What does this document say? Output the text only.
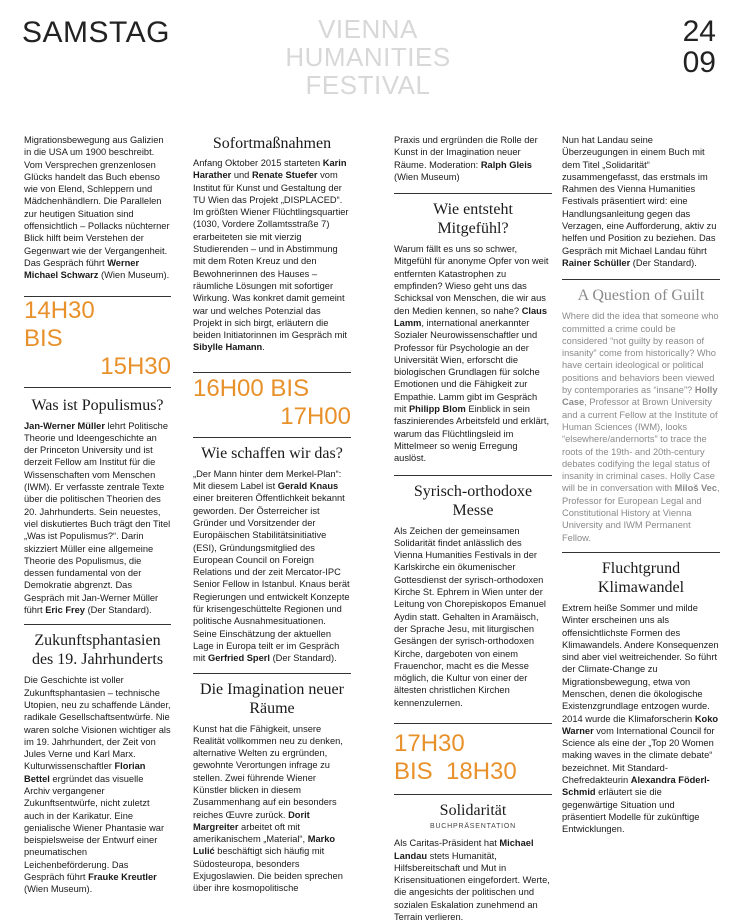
SAMSTAG	VIENNA
HUMANITIES
FESTIVAL
24
09

Migrationsbewegung aus Galizien in die USA um 1900 beschreibt. Vom Versprechen grenzenlosen Glücks handelt das Buch ebenso wie von Elend, Schleppern und Mädchenhändlern. Die Parallelen zur heutigen Situation sind offensichtlich – Pollacks nüchterner Blick hilft beim Verstehen der Gegenwart wie der Vergangenheit. Das Gespräch führt Werner Michael Schwarz (Wien Museum).

14H30
BIS
15H30
Was ist Populismus?

Jan-Werner Müller lehrt Politische Theorie und Ideengeschichte an der Princeton University und ist derzeit Fellow am Institut für die Wissenschaften vom Menschen (IWM). Er verfasste zentrale Texte über die politischen Theorien des 20. Jahrhunderts. Sein neuestes, viel diskutiertes Buch trägt den Titel „Was ist Populismus?“. Darin skizziert Müller eine allgemeine Theorie des Populismus, die dessen fundamental von der Demokratie abgrenzt. Das Gespräch mit Jan-Werner Müller führt Eric Frey (Der Standard).

Zukunftsphantasien des 19. Jahrhunderts

Die Geschichte ist voller Zukunftsphantasien – technische Utopien, neu zu schaffende Länder, radikale Gesellschaftsentwürfe. Nie waren solche Visionen wichtiger als im 19. Jahrhundert, der Zeit von Jules Verne und Karl Marx. Kulturwissenschaftler Florian Bettel ergründet das visuelle Archiv vergangener Zukunftsentwürfe, nicht zuletzt auch in der Karikatur. Eine genialische Wiener Phantasie war beispielsweise der Entwurf einer pneumatischen Leichenbeförderung. Das Gespräch führt Frauke Kreutler (Wien Museum).

Sofortmaßnahmen

Anfang Oktober 2015 starteten Karin Harather und Renate Stuefer vom Institut für Kunst und Gestaltung der TU Wien das Projekt „DISPLACED“. Im größten Wiener Flüchtlingsquartier (1030, Vordere Zollamtsstraße 7) erarbeiteten sie mit vierzig Studierenden – und in Abstimmung mit dem Roten Kreuz und den Bewohnerinnen des Hauses – räumliche Lösungen mit sofortiger Wirkung. Was konkret damit gemeint war und welches Potenzial das Projekt in sich birgt, erläutern die beiden Initiatorinnen im Gespräch mit Sibylle Hamann.

16H00 BIS
17H00
Wie schaffen wir das?

„Der Mann hinter dem Merkel-Plan“: Mit diesem Label ist Gerald Knaus einer breiteren Öffentlichkeit bekannt geworden. Der Österreicher ist Gründer und Vorsitzender der Europäischen Stabilitätsinitiative (ESI), Gründungsmitglied des European Council on Foreign Relations und der zeit Mercator-IPC Senior Fellow in Istanbul. Knaus berät Regierungen und entwickelt Konzepte für krisengeschüttelte Regionen und politische Ausnahmesituationen. Seine Einschätzung der aktuellen Lage in Europa teilt er im Gespräch mit Gerfried Sperl (Der Standard).

Die Imagination neuer Räume

Kunst hat die Fähigkeit, unsere Realität vollkommen neu zu denken, alternative Welten zu ergründen, gewohnte Verortungen infrage zu stellen. Zwei führende Wiener Künstler blicken in diesem Zusammenhang auf ein besonders reiches Œuvre zurück. Dorit Margreiter arbeitet oft mit amerikanischem „Material“, Marko Lulić beschäftigt sich häufig mit Südosteuropa, besonders Exjugoslawien. Die beiden sprechen über ihre kosmopolitische

Praxis und ergründen die Rolle der Kunst in der Imagination neuer Räume. Moderation: Ralph Gleis (Wien Museum)

Wie entsteht Mitgefühl?

Warum fällt es uns so schwer, Mitgefühl für anonyme Opfer von weit entfernten Katastrophen zu empfinden? Wieso geht uns das Schicksal von Menschen, die wir aus den Medien kennen, so nahe? Claus Lamm, international anerkannter Sozialer Neurowissenschaftler und Professor für Psychologie an der Universität Wien, erforscht die biologischen Grundlagen für solche Emotionen und die Fähigkeit zur Empathie. Lamm gibt im Gespräch mit Philipp Blom Einblick in sein faszinierendes Arbeitsfeld und erklärt, warum das Flüchtlingsleid im Mittelmeer so wenig Erregung auslöst.

Syrisch-orthodoxe Messe

Als Zeichen der gemeinsamen Solidarität findet anlässlich des Vienna Humanities Festivals in der Karlskirche ein ökumenischer Gottesdienst der syrisch-orthodoxen Kirche St. Ephrem in Wien unter der Leitung von Chorepiskopos Emanuel Aydin statt. Gehalten in Aramäisch, der Sprache Jesu, mit liturgischen Gesängen der syrisch-orthodoxen Kirche, dargeboten von einem Frauenchor, macht es die Messe möglich, die Kultur von einer der ältesten christlichen Kirchen kennenzulernen.

17H30
BIS  18H30
Solidarität
BUCHPRÄSENTATION

Als Caritas-Präsident hat Michael Landau stets Humanität, Hilfsbereitschaft und Mut in Krisensituationen eingefordert. Werte, die angesichts der politischen und sozialen Eskalation zunehmend an Terrain verlieren.

Nun hat Landau seine Überzeugungen in einem Buch mit dem Titel „Solidarität“ zusammengefasst, das erstmals im Rahmen des Vienna Humanities Festivals präsentiert wird: eine Handlungsanleitung gegen das Verzagen, eine Aufforderung, aktiv zu helfen und Position zu beziehen. Das Gespräch mit Michael Landau führt Rainer Schüller (Der Standard).

A Question of Guilt

Where did the idea that someone who committed a crime could be considered “not guilty by reason of insanity” come from historically? Who have certain ideological or political positions and behaviors been viewed by contemporaries as “insane”? Holly Case, Professor at Brown University and a current Fellow at the Institute of Human Sciences (IWM), looks “elsewhere/andernorts” to trace the roots of the 19th- and 20th-century debates codifying the legal status of insanity in criminal cases. Holly Case will be in conversation with Miloš Vec, Professor for European Legal and Constitutional History at Vienna University and IWM Permanent Fellow.

Fluchtgrund Klimawandel

Extrem heiße Sommer und milde Winter erscheinen uns als offensichtlichste Formen des Klimawandels. Andere Konsequenzen sind aber viel weitreichender. So führt der Climate-Change zu Migrationsbewegung, etwa von Menschen, denen die ökologische Existenzgrundlage entzogen wurde. 2014 wurde die Klimaforscherin Koko Warner vom International Council for Science als eine der „Top 20 Women making waves in the climate debate“ bezeichnet. Mit Standard-Chefredakteurin Alexandra Föderl-Schmid erläutert sie die gegenwärtige Situation und präsentiert Modelle für zukünftige Entwicklungen.
